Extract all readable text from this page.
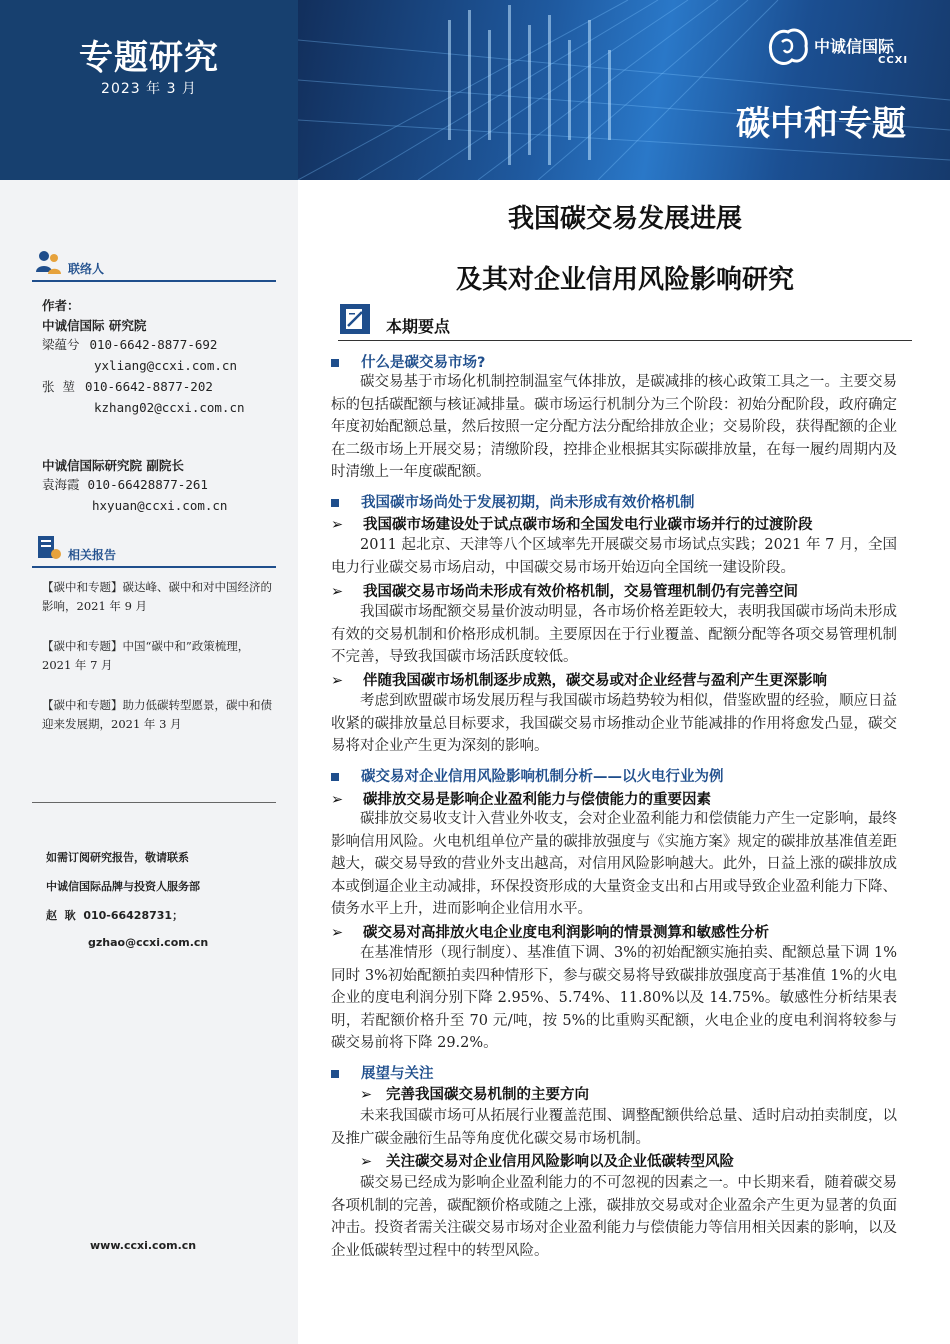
专题研究
2023 年 3 月
中诚信国际
CCXI
碳中和专题
联络人
作者：
中诚信国际 研究院
梁蕴兮 010-6642-8877-692
yxliang@ccxi.com.cn
张  堃 010-6642-8877-202
kzhang02@ccxi.com.cn
中诚信国际研究院 副院长
袁海霞 010-66428877-261
hxyuan@ccxi.com.cn
相关报告
【碳中和专题】碳达峰、碳中和对中国经济的影响，2021 年 9 月
【碳中和专题】中国“碳中和”政策梳理，2021 年 7 月
【碳中和专题】助力低碳转型愿景，碳中和债迎来发展期，2021 年 3 月
如需订阅研究报告，敬请联系
中诚信国际品牌与投资人服务部
赵  耿  010-66428731；
gzhao@ccxi.com.cn
www.ccxi.com.cn
我国碳交易发展进展
及其对企业信用风险影响研究
本期要点
什么是碳交易市场?

碳交易基于市场化机制控制温室气体排放，是碳减排的核心政策工具之一。主要交易标的包括碳配额与核证减排量。碳市场运行机制分为三个阶段：初始分配阶段，政府确定年度初始配额总量，然后按照一定分配方法分配给排放企业；交易阶段，获得配额的企业在二级市场上开展交易；清缴阶段，控排企业根据其实际碳排放量，在每一履约周期内及时清缴上一年度碳配额。

我国碳市场尚处于发展初期，尚未形成有效价格机制
➢ 我国碳市场建设处于试点碳市场和全国发电行业碳市场并行的过渡阶段

2011 起北京、天津等八个区域率先开展碳交易市场试点实践；2021 年 7 月，全国电力行业碳交易市场启动，中国碳交易市场开始迈向全国统一建设阶段。

➢ 我国碳交易市场尚未形成有效价格机制，交易管理机制仍有完善空间

我国碳市场配额交易量价波动明显，各市场价格差距较大，表明我国碳市场尚未形成有效的交易机制和价格形成机制。主要原因在于行业覆盖、配额分配等各项交易管理机制不完善，导致我国碳市场活跃度较低。

➢ 伴随我国碳市场机制逐步成熟，碳交易或对企业经营与盈利产生更深影响

考虑到欧盟碳市场发展历程与我国碳市场趋势较为相似，借鉴欧盟的经验，顺应日益收紧的碳排放量总目标要求，我国碳交易市场推动企业节能减排的作用将愈发凸显，碳交易将对企业产生更为深刻的影响。

碳交易对企业信用风险影响机制分析——以火电行业为例
➢ 碳排放交易是影响企业盈利能力与偿债能力的重要因素

碳排放交易收支计入营业外收支，会对企业盈利能力和偿债能力产生一定影响，最终影响信用风险。火电机组单位产量的碳排放强度与《实施方案》规定的碳排放基准值差距越大，碳交易导致的营业外支出越高，对信用风险影响越大。此外，日益上涨的碳排放成本或倒逼企业主动减排，环保投资形成的大量资金支出和占用或导致企业盈利能力下降、债务水平上升，进而影响企业信用水平。

➢ 碳交易对高排放火电企业度电利润影响的情景测算和敏感性分析

在基准情形（现行制度）、基准值下调、3%的初始配额实施拍卖、配额总量下调 1%同时 3%初始配额拍卖四种情形下，参与碳交易将导致碳排放强度高于基准值 1%的火电企业的度电利润分别下降 2.95%、5.74%、11.80%以及 14.75%。敏感性分析结果表明，若配额价格升至 70 元/吨，按 5%的比重购买配额，火电企业的度电利润将较参与碳交易前将下降 29.2%。

展望与关注
➢ 完善我国碳交易机制的主要方向

未来我国碳市场可从拓展行业覆盖范围、调整配额供给总量、适时启动拍卖制度，以及推广碳金融衍生品等角度优化碳交易市场机制。

➢ 关注碳交易对企业信用风险影响以及企业低碳转型风险

碳交易已经成为影响企业盈利能力的不可忽视的因素之一。中长期来看，随着碳交易各项机制的完善，碳配额价格或随之上涨，碳排放交易或对企业盈余产生更为显著的负面冲击。投资者需关注碳交易市场对企业盈利能力与偿债能力等信用相关因素的影响，以及企业低碳转型过程中的转型风险。
